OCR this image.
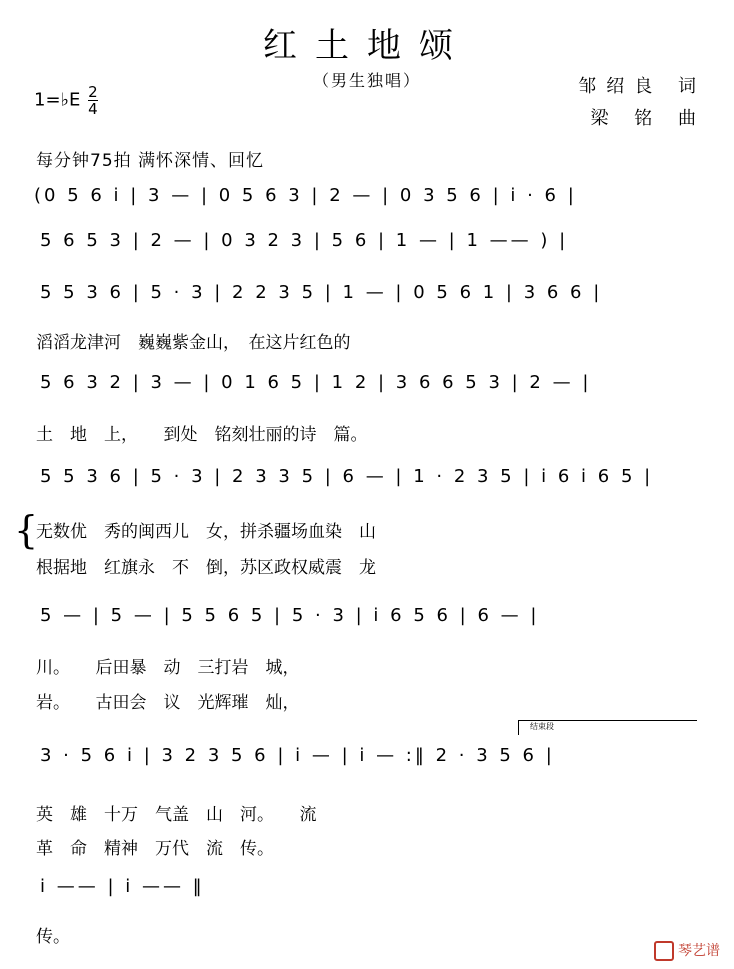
红土地颂
（男生独唱）
1=♭E $\frac{2}{4}$	邹绍良 词
梁 铭 曲
每分钟75拍 满怀深情、回忆
(0 5 6 i | 3 — | 0 5 6 3 | 2 — | 0 3 5 6 | i · 6 |
5 6 5 3 | 2 — | 0 3 2 3 | 5 6 | 1 — | 1 —— ) |
5 5 3 6 | 5 · 3 | 2 2 3 5 | 1 — | 0 5 6 1 | 3 6 6 |
滔滔龙津河　巍巍紫金山，　在这片红色的
5 6 3 2 | 3 — | 0 1 6 5 | 1 2 | 3 6 6 5 3 | 2 — |
土　地　上，　　到处　铭刻壮丽的诗　篇。
5 5 3 6 | 5 · 3 | 2 3 3 5 | 6 — | 1 · 2 3 5 | i 6 i 6 5 |
{
无数优　秀的闽西儿　女，拼杀疆场血染　山
根据地　红旗永　不　倒，苏区政权威震　龙
5 — | 5 — | 5 5 6 5 | 5 · 3 | i 6 5 6 | 6 — |
川。　　后田暴　动　三打岩　城，
岩。　　古田会　议　光辉璀　灿，
结束段
3 · 5 6 i | 3 2 3 5 6 | i — | i — :‖ 2 · 3 5 6 |
英　雄　十万　气盖　山　河。　　流
革　命　精神　万代　流　传。
i —— | i —— ‖
传。
琴艺谱
